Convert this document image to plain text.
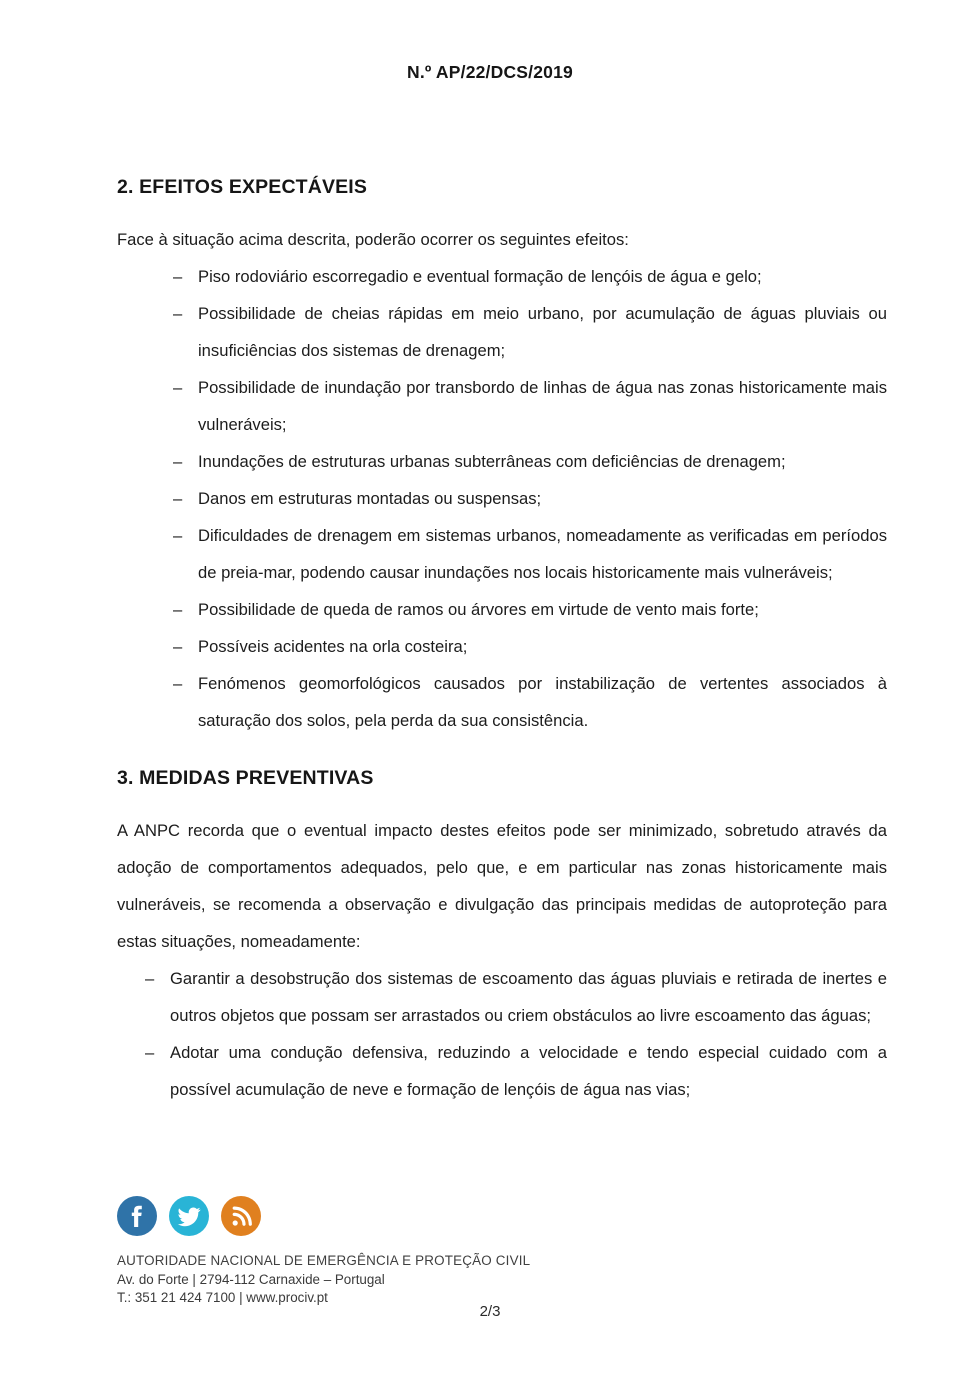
N.º AP/22/DCS/2019
2. EFEITOS EXPECTÁVEIS

Face à situação acima descrita, poderão ocorrer os seguintes efeitos:

– Piso rodoviário escorregadio e eventual formação de lençóis de água e gelo;
– Possibilidade de cheias rápidas em meio urbano, por acumulação de águas pluviais ou insuficiências dos sistemas de drenagem;
– Possibilidade de inundação por transbordo de linhas de água nas zonas historicamente mais vulneráveis;
– Inundações de estruturas urbanas subterrâneas com deficiências de drenagem;
– Danos em estruturas montadas ou suspensas;
– Dificuldades de drenagem em sistemas urbanos, nomeadamente as verificadas em períodos de preia-mar, podendo causar inundações nos locais historicamente mais vulneráveis;
– Possibilidade de queda de ramos ou árvores em virtude de vento mais forte;
– Possíveis acidentes na orla costeira;
– Fenómenos geomorfológicos causados por instabilização de vertentes associados à saturação dos solos, pela perda da sua consistência.
3. MEDIDAS PREVENTIVAS

A ANPC recorda que o eventual impacto destes efeitos pode ser minimizado, sobretudo através da adoção de comportamentos adequados, pelo que, e em particular nas zonas historicamente mais vulneráveis, se recomenda a observação e divulgação das principais medidas de autoproteção para estas situações, nomeadamente:

– Garantir a desobstrução dos sistemas de escoamento das águas pluviais e retirada de inertes e outros objetos que possam ser arrastados ou criem obstáculos ao livre escoamento das águas;
– Adotar uma condução defensiva, reduzindo a velocidade e tendo especial cuidado com a possível acumulação de neve e formação de lençóis de água nas vias;
AUTORIDADE NACIONAL DE EMERGÊNCIA E PROTEÇÃO CIVIL
Av. do Forte | 2794-112 Carnaxide – Portugal
T.: 351 21 424 7100 | www.prociv.pt
2/3
